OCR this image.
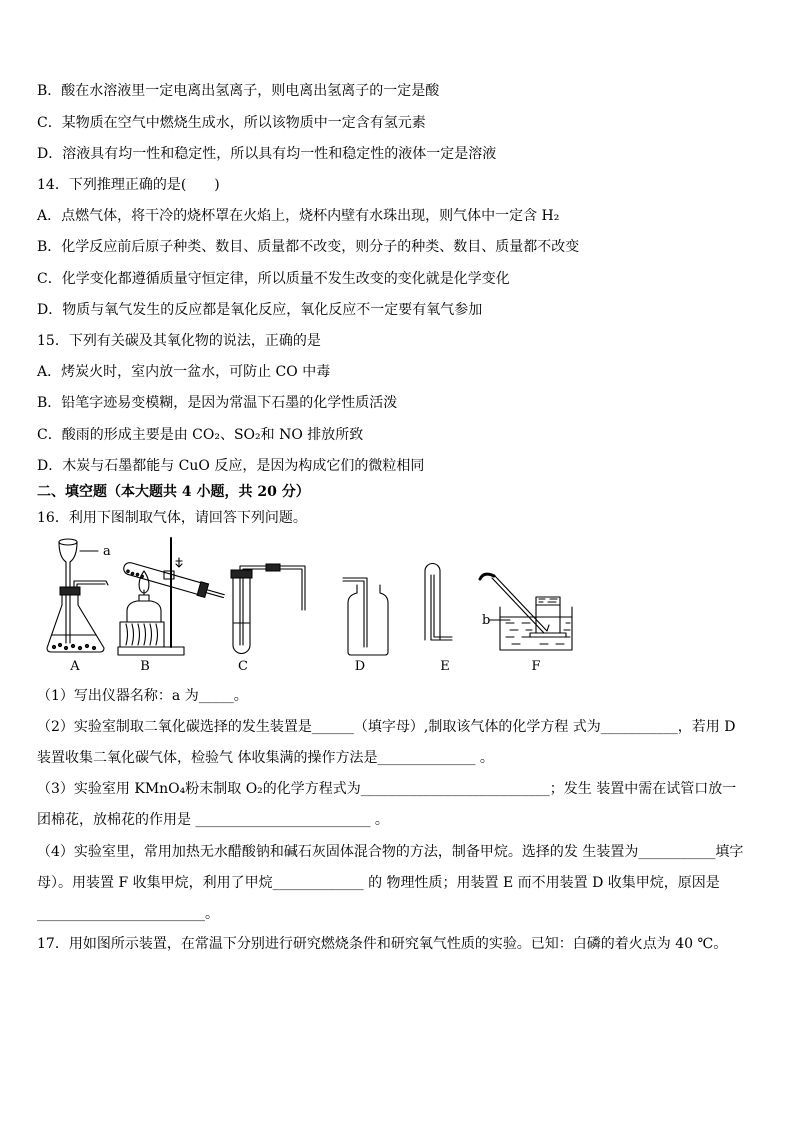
B．酸在水溶液里一定电离出氢离子，则电离出氢离子的一定是酸
C．某物质在空气中燃烧生成水，所以该物质中一定含有氢元素
D．溶液具有均一性和稳定性，所以具有均一性和稳定性的液体一定是溶液
14．下列推理正确的是(　　)
A．点燃气体，将干冷的烧杯罩在火焰上，烧杯内壁有水珠出现，则气体中一定含 H₂
B．化学反应前后原子种类、数目、质量都不改变，则分子的种类、数目、质量都不改变
C．化学变化都遵循质量守恒定律，所以质量不发生改变的变化就是化学变化
D．物质与氧气发生的反应都是氧化反应，氧化反应不一定要有氧气参加
15．下列有关碳及其氧化物的说法，正确的是
A．烤炭火时，室内放一盆水，可防止 CO 中毒
B．铅笔字迹易变模糊，是因为常温下石墨的化学性质活泼
C．酸雨的形成主要是由 CO₂、SO₂和 NO 排放所致
D．木炭与石墨都能与 CuO 反应，是因为构成它们的微粒相同
二、填空题（本大题共 4 小题，共 20 分）
16．利用下图制取气体，请回答下列问题。
a
b
A	B	C	D	E	F
（1）写出仪器名称：a 为_____。
（2）实验室制取二氧化碳选择的发生装置是______（填字母）,制取该气体的化学方程 式为___________，若用 D
装置收集二氧化碳气体，检验气 体收集满的操作方法是______________ 。
（3）实验室用 KMnO₄粉末制取 O₂的化学方程式为___________________________；发生 装置中需在试管口放一
团棉花，放棉花的作用是 _________________________ 。
（4）实验室里，常用加热无水醋酸钠和碱石灰固体混合物的方法，制备甲烷。选择的发 生装置为___________填字
母）。用装置 F 收集甲烷，利用了甲烷_____________ 的 物理性质；用装置 E 而不用装置 D 收集甲烷，原因是
________________________。
17．用如图所示装置，在常温下分别进行研究燃烧条件和研究氧气性质的实验。已知：白磷的着火点为 40 ℃。
